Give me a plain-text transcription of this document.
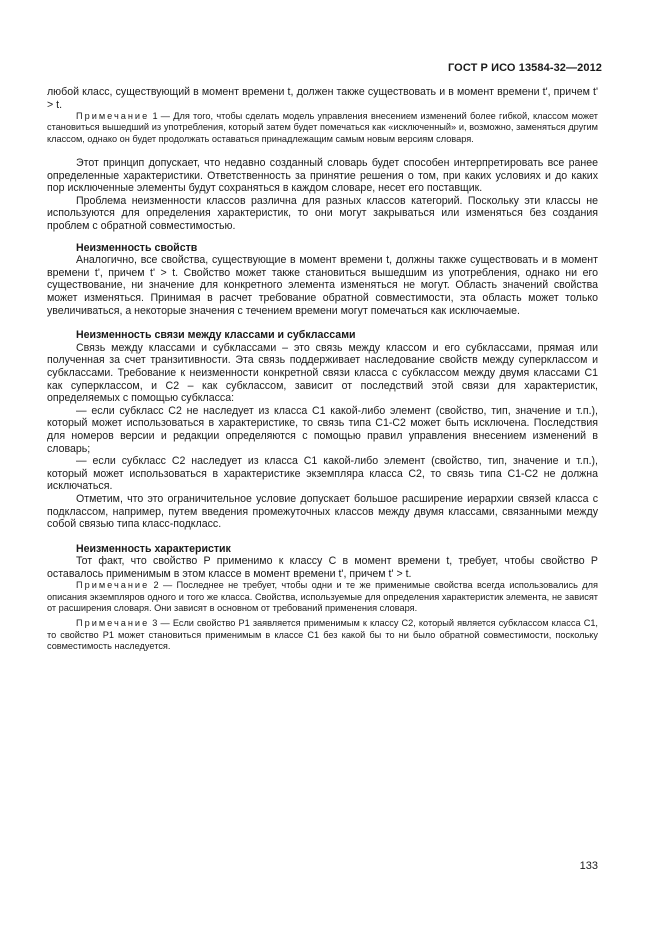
ГОСТ Р ИСО 13584-32—2012

любой класс, существующий в момент времени t, должен также существовать и в момент времени t', причем t' > t.

Примечание 1 — Для того, чтобы сделать модель управления внесением изменений более гибкой, классом может становиться вышедший из употребления, который затем будет помечаться как «исключенный» и, возможно, заменяться другим классом, однако он будет продолжать оставаться принадлежащим самым новым версиям словаря.

Этот принцип допускает, что недавно созданный словарь будет способен интерпретировать все ранее определенные характеристики. Ответственность за принятие решения о том, при каких условиях и до каких пор исключенные элементы будут сохраняться в каждом словаре, несет его поставщик.

Проблема неизменности классов различна для разных классов категорий. Поскольку эти классы не используются для определения характеристик, то они могут закрываться или изменяться без создания проблем с обратной совместимостью.

Неизменность свойств

Аналогично, все свойства, существующие в момент времени t, должны также существовать и в момент времени t', причем t' > t. Свойство может также становиться вышедшим из употребления, однако ни его существование, ни значение для конкретного элемента изменяться не могут. Область значений свойства может изменяться. Принимая в расчет требование обратной совместимости, эта область может только увеличиваться, а некоторые значения с течением времени могут помечаться как исключаемые.

Неизменность связи между классами и субклассами

Связь между классами и субклассами – это связь между классом и его субклассами, прямая или полученная за счет транзитивности. Эта связь поддерживает наследование свойств между суперклассом и субклассами. Требование к неизменности конкретной связи класса с субклассом между двумя классами С1 как суперклассом, и С2 – как субклассом, зависит от последствий этой связи для характеристик, определяемых с помощью субкласса:

— если субкласс С2 не наследует из класса С1 какой-либо элемент (свойство, тип, значение и т.п.), который может использоваться в характеристике, то связь типа С1-С2 может быть исключена. Последствия для номеров версии и редакции определяются с помощью правил управления внесением изменений в словарь;

— если субкласс С2 наследует из класса С1 какой-либо элемент (свойство, тип, значение и т.п.), который может использоваться в характеристике экземпляра класса С2, то связь типа С1-С2 не должна исключаться.

Отметим, что это ограничительное условие допускает большое расширение иерархии связей класса с подклассом, например, путем введения промежуточных классов между двумя классами, связанными между собой связью типа класс-подкласс.

Неизменность характеристик

Тот факт, что свойство Р применимо к классу С в момент времени t, требует, чтобы свойство Р оставалось применимым в этом классе в момент времени t', причем t' > t.

Примечание 2 — Последнее не требует, чтобы одни и те же применимые свойства всегда использовались для описания экземпляров одного и того же класса. Свойства, используемые для определения характеристик элемента, не зависят от расширения словаря. Они зависят в основном от требований применения словаря.

Примечание 3 — Если свойство Р1 заявляется применимым к классу С2, который является субклассом класса С1, то свойство Р1 может становиться применимым в классе С1 без какой бы то ни было обратной совместимости, поскольку совместимость наследуется.

133
